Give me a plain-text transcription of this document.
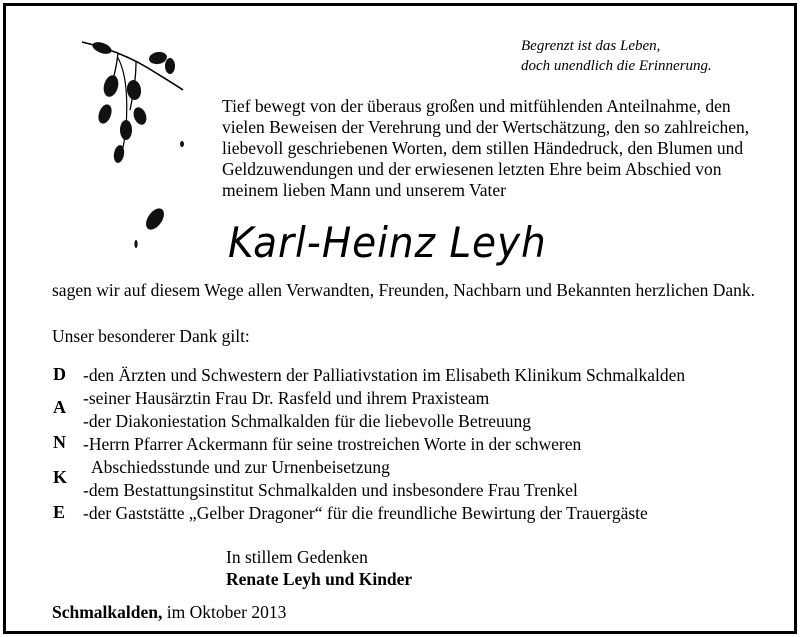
Begrenzt ist das Leben,
doch unendlich die Erinnerung.
Tief bewegt von der überaus großen und mitfühlenden Anteilnahme, den vielen Beweisen der Verehrung und der Wertschätzung, den so zahlreichen, liebevoll geschriebenen Worten, dem stillen Händedruck, den Blumen und Geldzuwendungen und der erwiesenen letzten Ehre beim Abschied von meinem lieben Mann und unserem Vater
Karl-Heinz Leyh
sagen wir auf diesem Wege allen Verwandten, Freunden, Nachbarn und Bekannten herzlichen Dank.
Unser besonderer Dank gilt:
D
A
N
K
E
-den Ärzten und Schwestern der Palliativstation im Elisabeth Klinikum Schmalkalden
-seiner Hausärztin Frau Dr. Rasfeld und ihrem Praxisteam
-der Diakoniestation Schmalkalden für die liebevolle Betreuung
-Herrn Pfarrer Ackermann für seine trostreichen Worte in der schweren
Abschiedsstunde und zur Urnenbeisetzung
-dem Bestattungsinstitut Schmalkalden und insbesondere Frau Trenkel
-der Gaststätte „Gelber Dragoner“ für die freundliche Bewirtung der Trauergäste
In stillem Gedenken
Renate Leyh und Kinder
Schmalkalden, im Oktober 2013
